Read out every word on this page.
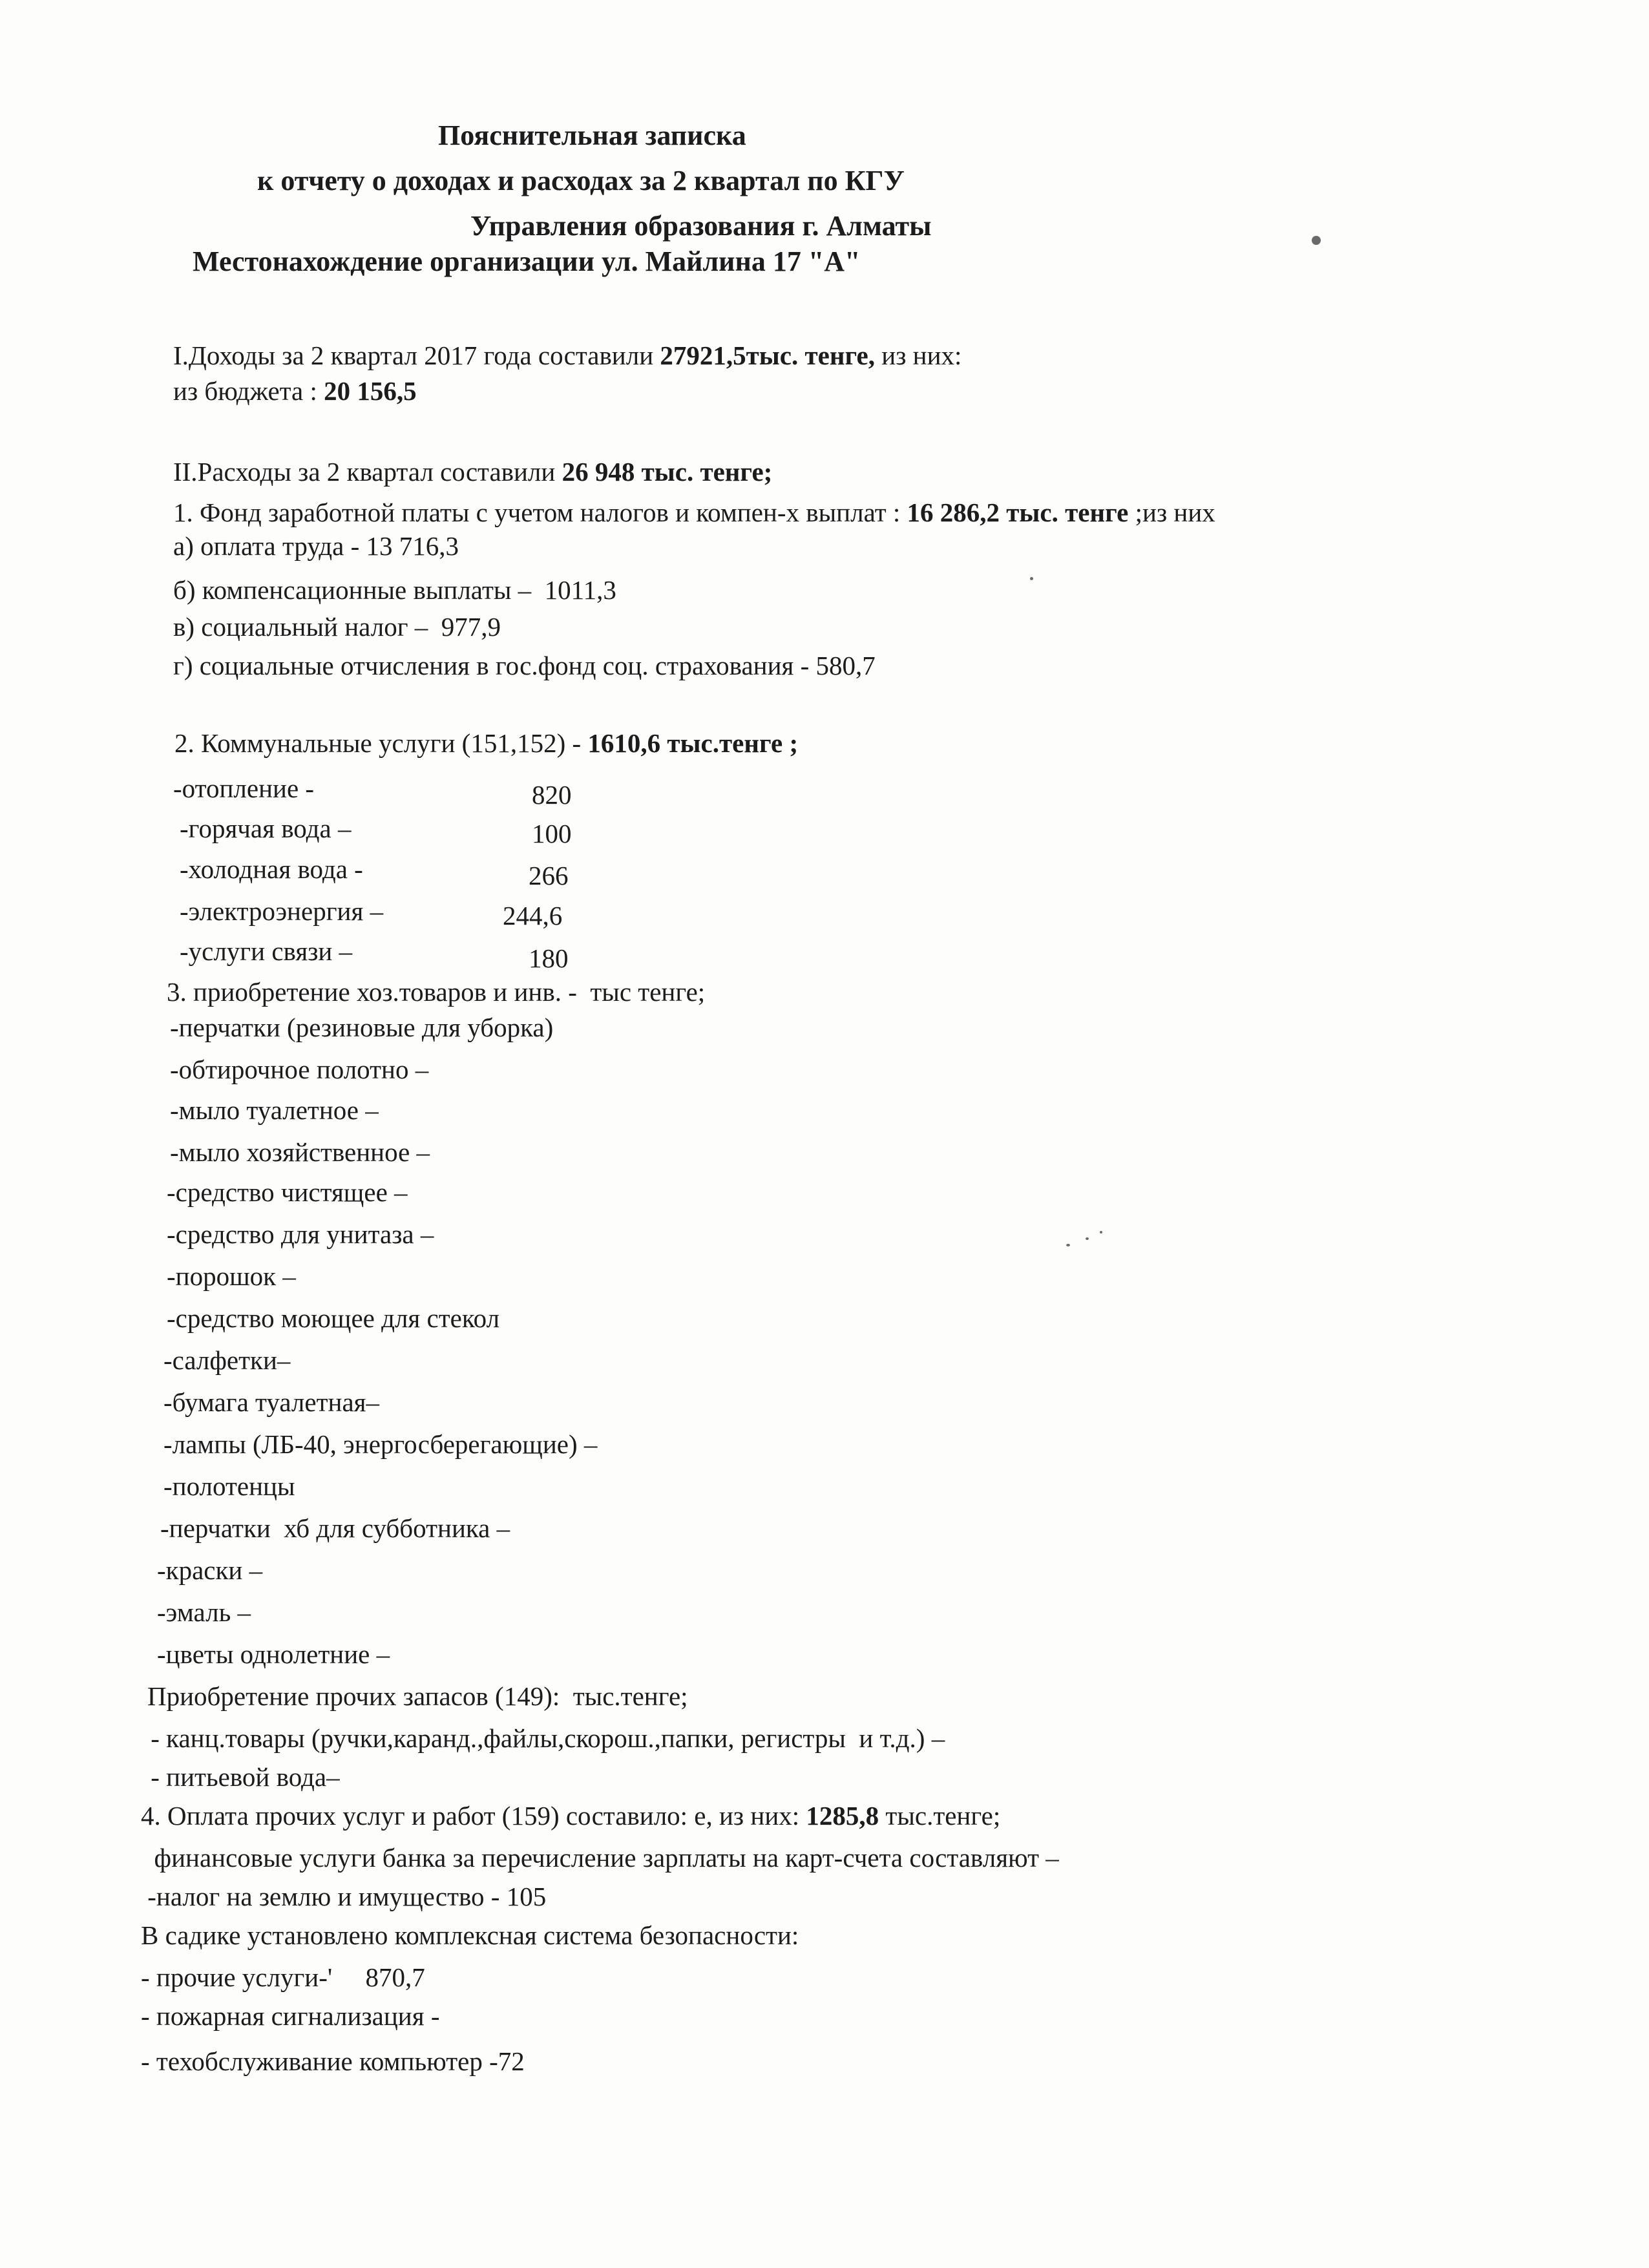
Пояснительная записка
к отчету о доходах и расходах за 2 квартал по КГУ
Управления образования г. Алматы
Местонахождение организации ул. Майлина 17 "А"
I.Доходы за 2 квартал 2017 года составили 27921,5тыс. тенге, из них:
из бюджета : 20 156,5
II.Расходы за 2 квартал составили 26 948 тыс. тенге;
1. Фонд заработной платы с учетом налогов и компен-х выплат : 16 286,2 тыс. тенге ;из них
а) оплата труда - 13 716,3
б) компенсационные выплаты –  1011,3
в) социальный налог –  977,9
г) социальные отчисления в гос.фонд соц. страхования - 580,7
2. Коммунальные услуги (151,152) - 1610,6 тыс.тенге ;
-отопление -	820
-горячая вода –	100
-холодная вода -	266
-электроэнергия –	244,6
-услуги связи –	180
3. приобретение хоз.товаров и инв. -  тыс тенге;
-перчатки (резиновые для уборка)
-обтирочное полотно –
-мыло туалетное –
-мыло хозяйственное –
-средство чистящее –
-средство для унитаза –
-порошок –
-средство моющее для стекол
-салфетки–
-бумага туалетная–
-лампы (ЛБ-40, энергосберегающие) –
-полотенцы
-перчатки  хб для субботника –
-краски –
-эмаль –
-цветы однолетние –
Приобретение прочих запасов (149):  тыс.тенге;
- канц.товары (ручки,каранд.,файлы,скорош.,папки, регистры  и т.д.) –
- питьевой вода–
4. Оплата прочих услуг и работ (159) составило: е, из них: 1285,8 тыс.тенге;
финансовые услуги банка за перечисление зарплаты на карт-счета составляют –
-налог на землю и имущество - 105
В садике установлено комплексная система безопасности:
- прочие услуги-'     870,7
- пожарная сигнализация -
- техобслуживание компьютер -72
